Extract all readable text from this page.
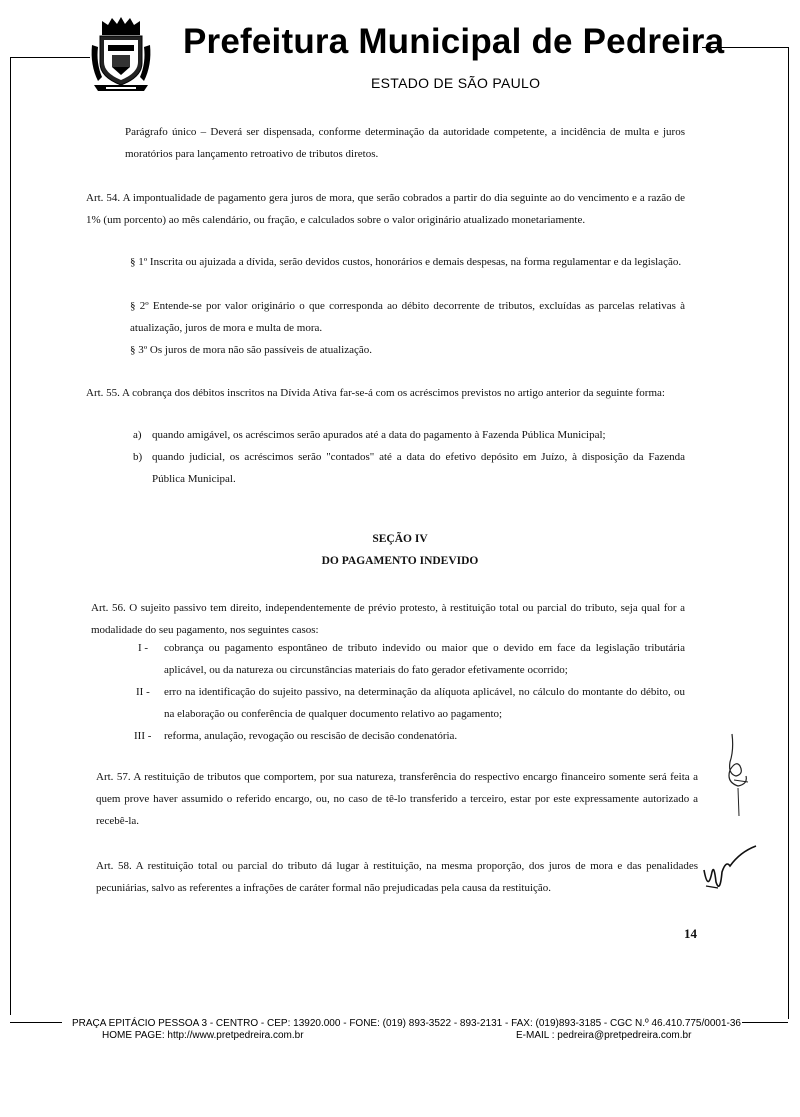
Prefeitura Municipal de Pedreira
ESTADO DE SÃO PAULO
Parágrafo único – Deverá ser dispensada, conforme determinação da autoridade competente, a incidência de multa e juros moratórios para lançamento retroativo de tributos diretos.
Art. 54. A impontualidade de pagamento gera juros de mora, que serão cobrados a partir do dia seguinte ao do vencimento e a razão de 1% (um porcento) ao mês calendário, ou fração, e calculados sobre o valor originário atualizado monetariamente.
§ 1º Inscrita ou ajuizada a dívida, serão devidos custos, honorários e demais despesas, na forma regulamentar e da legislação.
§ 2º Entende-se por valor originário o que corresponda ao débito decorrente de tributos, excluídas as parcelas relativas à atualização, juros de mora e multa de mora.
§ 3º Os juros de mora não são passíveis de atualização.
Art. 55. A cobrança dos débitos inscritos na Dívida Ativa far-se-á com os acréscimos previstos no artigo anterior da seguinte forma:
a) quando amigável, os acréscimos serão apurados até a data do pagamento à Fazenda Pública Municipal;
b) quando judicial, os acréscimos serão "contados" até a data do efetivo depósito em Juízo, à disposição da Fazenda Pública Municipal.
SEÇÃO IV
DO PAGAMENTO INDEVIDO
Art. 56. O sujeito passivo tem direito, independentemente de prévio protesto, à restituição total ou parcial do tributo, seja qual for a modalidade do seu pagamento, nos seguintes casos:
I - cobrança ou pagamento espontâneo de tributo indevido ou maior que o devido em face da legislação tributária aplicável, ou da natureza ou circunstâncias materiais do fato gerador efetivamente ocorrido;
II - erro na identificação do sujeito passivo, na determinação da alíquota aplicável, no cálculo do montante do débito, ou na elaboração ou conferência de qualquer documento relativo ao pagamento;
III - reforma, anulação, revogação ou rescisão de decisão condenatória.
Art. 57. A restituição de tributos que comportem, por sua natureza, transferência do respectivo encargo financeiro somente será feita a quem prove haver assumido o referido encargo, ou, no caso de tê-lo transferido a terceiro, estar por este expressamente autorizado a recebê-la.
Art. 58. A restituição total ou parcial do tributo dá lugar à restituição, na mesma proporção, dos juros de mora e das penalidades pecuniárias, salvo as referentes a infrações de caráter formal não prejudicadas pela causa da restituição.
14
PRAÇA EPITÁCIO PESSOA 3 - CENTRO - CEP: 13920.000 - FONE: (019) 893-3522 - 893-2131 - FAX: (019)893-3185 - CGC N.º 46.410.775/0001-36
HOME PAGE: http://www.pretpedreira.com.br	E-MAIL : pedreira@pretpedreira.com.br
